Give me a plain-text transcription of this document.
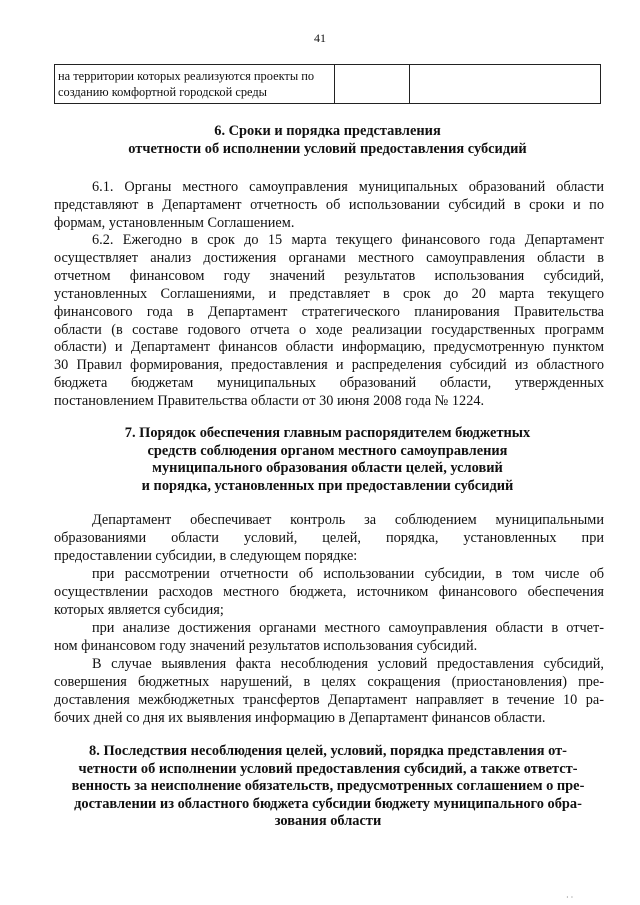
41
на территории которых реализуются проекты по
созданию комфортной городской среды

6. Сроки и порядка представления
отчетности об исполнении условий предоставления субсидий
6.1. Органы местного самоуправления муниципальных образований области
представляют в Департамент отчетность об использовании субсидий в сроки и по
формам, установленным Соглашением.
6.2. Ежегодно в срок до 15 марта текущего финансового года Департамент
осуществляет анализ достижения органами местного самоуправления области в
отчетном финансовом году значений результатов использования субсидий,
установленных Соглашениями, и представляет в срок до 20 марта текущего
финансового года в Департамент стратегического планирования Правительства
области (в составе годового отчета о ходе реализации государственных программ
области) и Департамент финансов области информацию, предусмотренную пунктом
30 Правил формирования, предоставления и распределения субсидий из областного
бюджета бюджетам муниципальных образований области, утвержденных
постановлением Правительства области от 30 июня 2008 года № 1224.
7. Порядок обеспечения главным распорядителем бюджетных
средств соблюдения органом местного самоуправления
муниципального образования области целей, условий
и порядка, установленных при предоставлении субсидий
Департамент обеспечивает контроль за соблюдением муниципальными
образованиями области условий, целей, порядка, установленных при
предоставлении субсидии, в следующем порядке:
при рассмотрении отчетности об использовании субсидии, в том числе об
осуществлении расходов местного бюджета, источником финансового обеспечения
которых является субсидия;
при анализе достижения органами местного самоуправления области в отчет-
ном финансовом году значений результатов использования субсидий.
В случае выявления факта несоблюдения условий предоставления субсидий,
совершения бюджетных нарушений, в целях сокращения (приостановления) пре-
доставления межбюджетных трансфертов Департамент направляет в течение 10 ра-
бочих дней со дня их выявления информацию в Департамент финансов области.
8. Последствия несоблюдения целей, условий, порядка представления от-
четности об исполнении условий предоставления субсидий, а также ответст-
венность за неисполнение обязательств, предусмотренных соглашением о пре-
доставлении из областного бюджета субсидии бюджету муниципального обра-
зования области
· ·
